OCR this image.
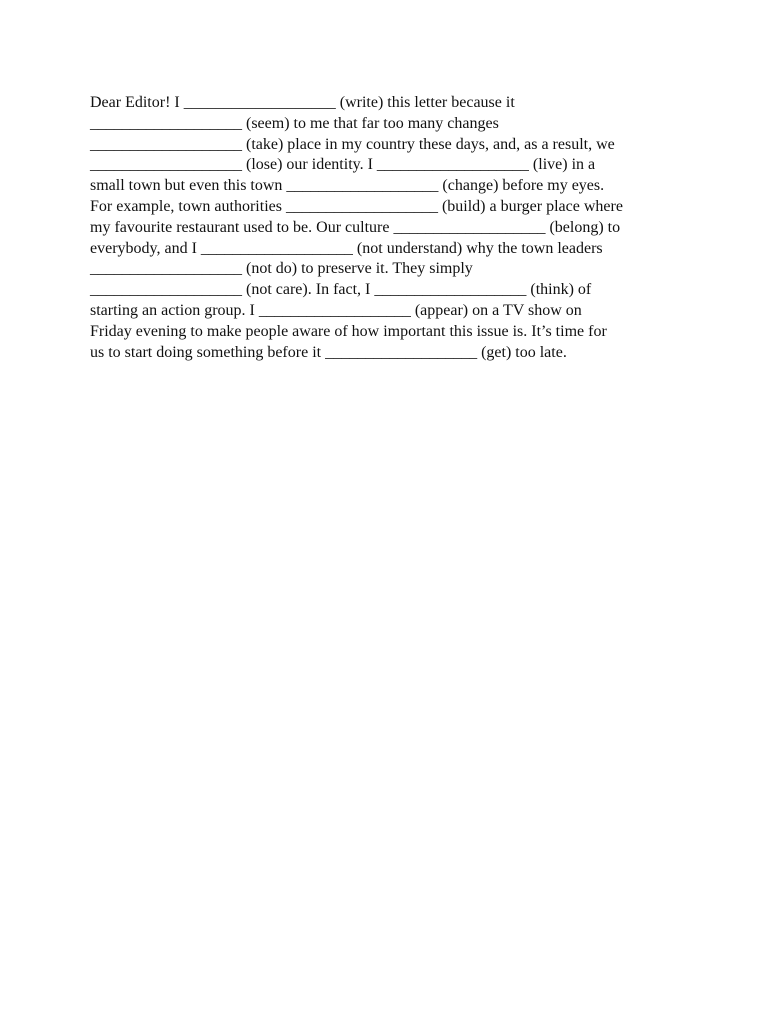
Dear Editor! I ___________________ (write) this letter because it
___________________ (seem) to me that far too many changes
___________________ (take) place in my country these days, and, as a result, we
___________________ (lose) our identity. I ___________________ (live) in a
small town but even this town ___________________ (change) before my eyes.
For example, town authorities ___________________ (build) a burger place where
my favourite restaurant used to be. Our culture ___________________ (belong) to
everybody, and I ___________________ (not understand) why the town leaders
___________________ (not do) to preserve it. They simply
___________________ (not care). In fact, I ___________________ (think) of
starting an action group. I ___________________ (appear) on a TV show on
Friday evening to make people aware of how important this issue is. It’s time for
us to start doing something before it ___________________ (get) too late.
